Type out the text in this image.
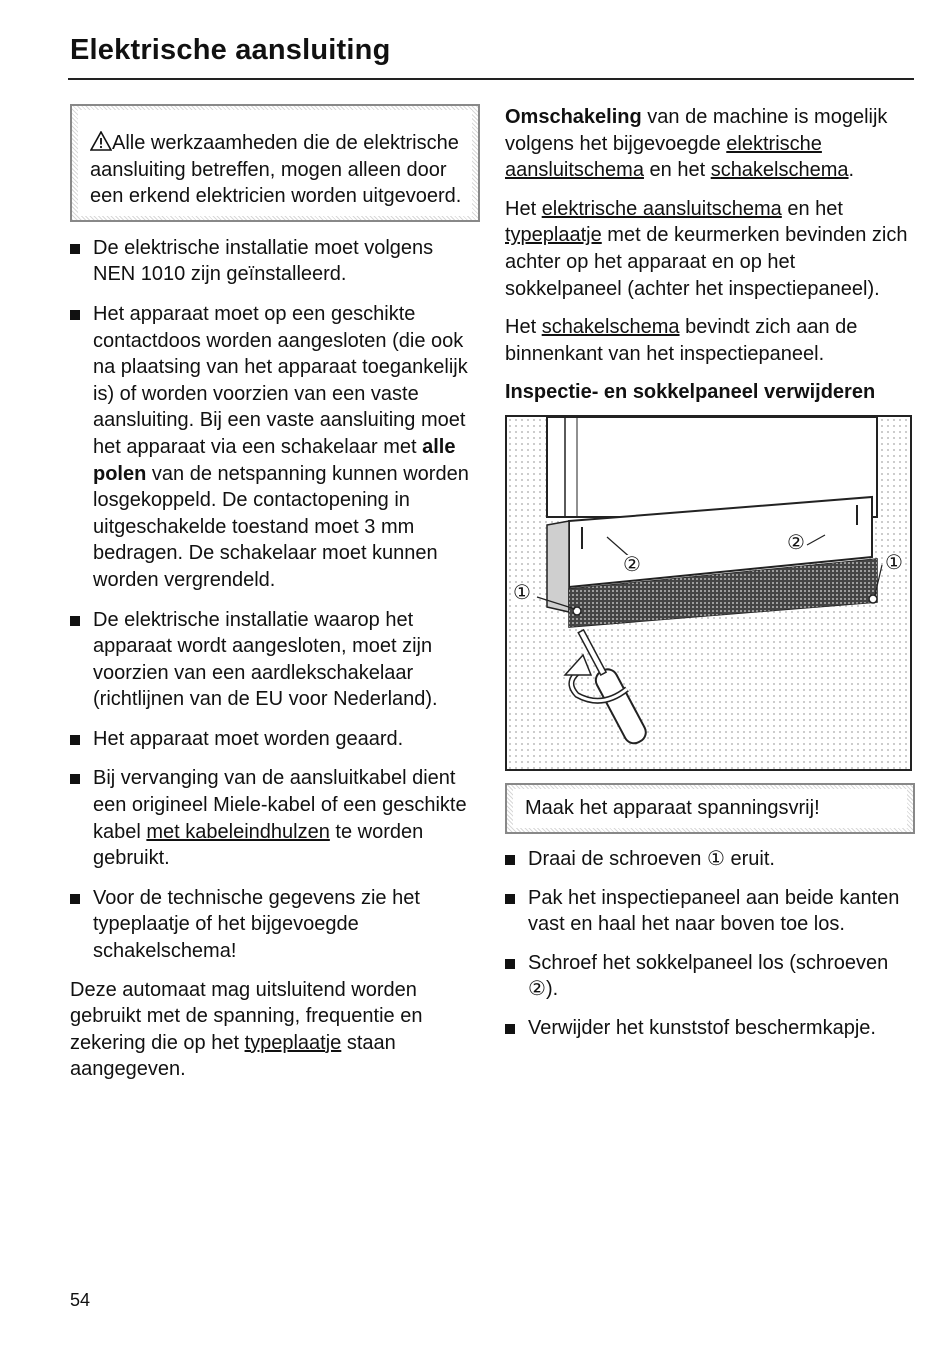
Elektrische aansluiting
Alle werkzaamheden die de elektrische aansluiting betreffen, mogen alleen door een erkend elektricien worden uitgevoerd.
De elektrische installatie moet volgens NEN 1010 zijn geïnstalleerd.
Het apparaat moet op een geschikte contactdoos worden aangesloten (die ook na plaatsing van het apparaat toegankelijk is) of worden voorzien van een vaste aansluiting. Bij een vaste aansluiting moet het apparaat via een schakelaar met alle polen van de netspanning kunnen worden losgekoppeld. De contactopening in uitgeschakelde toestand moet 3 mm bedragen. De schakelaar moet kunnen worden vergrendeld.
De elektrische installatie waarop het apparaat wordt aangesloten, moet zijn voorzien van een aardlekschakelaar (richtlijnen van de EU voor Nederland).
Het apparaat moet worden geaard.
Bij vervanging van de aansluitkabel dient een origineel Miele-kabel of een geschikte kabel met kabeleindhulzen te worden gebruikt.
Voor de technische gegevens zie het typeplaatje of het bijgevoegde schakelschema!

Deze automaat mag uitsluitend worden gebruikt met de spanning, frequentie en zekering die op het typeplaatje staan aangegeven.

Omschakeling van de machine is mogelijk volgens het bijgevoegde elektrische aansluitschema en het schakelschema.

Het elektrische aansluitschema en het typeplaatje met de keurmerken bevinden zich achter op het apparaat en op het sokkelpaneel (achter het inspectiepaneel).

Het schakelschema bevindt zich aan de binnenkant van het inspectiepaneel.

Inspectie- en sokkelpaneel verwijderen
②
②
①
①
Maak het apparaat spanningsvrij!
Draai de schroeven ① eruit.
Pak het inspectiepaneel aan beide kanten vast en haal het naar boven toe los.
Schroef het sokkelpaneel los (schroeven ②).
Verwijder het kunststof beschermkapje.
54
